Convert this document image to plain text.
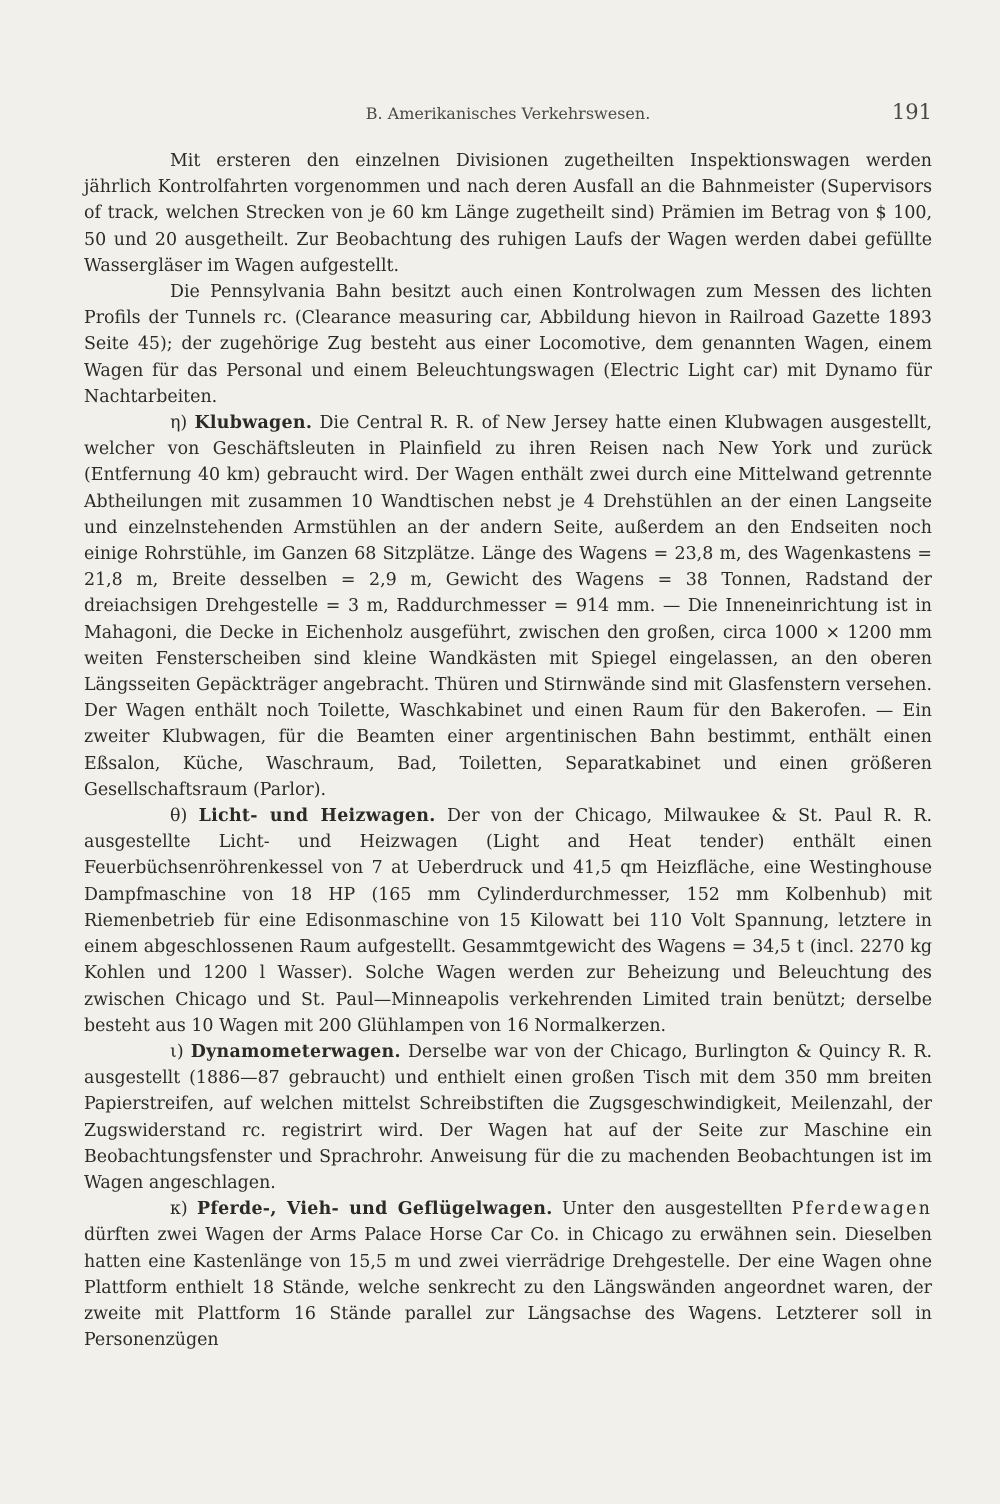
B. Amerikanisches Verkehrswesen.	191

Mit ersteren den einzelnen Divisionen zugetheilten Inspektionswagen werden jährlich Kontrolfahrten vorgenommen und nach deren Ausfall an die Bahnmeister (Supervisors of track, welchen Strecken von je 60 km Länge zugetheilt sind) Prämien im Betrag von $ 100, 50 und 20 ausgetheilt. Zur Beobachtung des ruhigen Laufs der Wagen werden dabei gefüllte Wassergläser im Wagen aufgestellt.

Die Pennsylvania Bahn besitzt auch einen Kontrolwagen zum Messen des lichten Profils der Tunnels rc. (Clearance measuring car, Abbildung hievon in Railroad Gazette 1893 Seite 45); der zugehörige Zug besteht aus einer Locomotive, dem genannten Wagen, einem Wagen für das Personal und einem Beleuchtungswagen (Electric Light car) mit Dynamo für Nachtarbeiten.

η) Klubwagen. Die Central R. R. of New Jersey hatte einen Klubwagen ausgestellt, welcher von Geschäftsleuten in Plainfield zu ihren Reisen nach New York und zurück (Entfernung 40 km) gebraucht wird. Der Wagen enthält zwei durch eine Mittelwand getrennte Abtheilungen mit zusammen 10 Wandtischen nebst je 4 Drehstühlen an der einen Langseite und einzelnstehenden Armstühlen an der andern Seite, außerdem an den Endseiten noch einige Rohrstühle, im Ganzen 68 Sitzplätze. Länge des Wagens = 23,8 m, des Wagenkastens = 21,8 m, Breite desselben = 2,9 m, Gewicht des Wagens = 38 Tonnen, Radstand der dreiachsigen Drehgestelle = 3 m, Raddurchmesser = 914 mm. — Die Inneneinrichtung ist in Mahagoni, die Decke in Eichenholz ausgeführt, zwischen den großen, circa 1000 × 1200 mm weiten Fensterscheiben sind kleine Wandkästen mit Spiegel eingelassen, an den oberen Längsseiten Gepäckträger angebracht. Thüren und Stirnwände sind mit Glasfenstern versehen. Der Wagen enthält noch Toilette, Waschkabinet und einen Raum für den Bakerofen. — Ein zweiter Klubwagen, für die Beamten einer argentinischen Bahn bestimmt, enthält einen Eßsalon, Küche, Waschraum, Bad, Toiletten, Separatkabinet und einen größeren Gesellschaftsraum (Parlor).

θ) Licht- und Heizwagen. Der von der Chicago, Milwaukee & St. Paul R. R. ausgestellte Licht- und Heizwagen (Light and Heat tender) enthält einen Feuerbüchsenröhrenkessel von 7 at Ueberdruck und 41,5 qm Heizfläche, eine Westinghouse Dampfmaschine von 18 HP (165 mm Cylinderdurchmesser, 152 mm Kolbenhub) mit Riemenbetrieb für eine Edisonmaschine von 15 Kilowatt bei 110 Volt Spannung, letztere in einem abgeschlossenen Raum aufgestellt. Gesammtgewicht des Wagens = 34,5 t (incl. 2270 kg Kohlen und 1200 l Wasser). Solche Wagen werden zur Beheizung und Beleuchtung des zwischen Chicago und St. Paul—Minneapolis verkehrenden Limited train benützt; derselbe besteht aus 10 Wagen mit 200 Glühlampen von 16 Normalkerzen.

ι) Dynamometerwagen. Derselbe war von der Chicago, Burlington & Quincy R. R. ausgestellt (1886—87 gebraucht) und enthielt einen großen Tisch mit dem 350 mm breiten Papierstreifen, auf welchen mittelst Schreibstiften die Zugsgeschwindigkeit, Meilenzahl, der Zugswiderstand rc. registrirt wird. Der Wagen hat auf der Seite zur Maschine ein Beobachtungsfenster und Sprachrohr. Anweisung für die zu machenden Beobachtungen ist im Wagen angeschlagen.

κ) Pferde-, Vieh- und Geflügelwagen. Unter den ausgestellten Pferdewagen dürften zwei Wagen der Arms Palace Horse Car Co. in Chicago zu erwähnen sein. Dieselben hatten eine Kastenlänge von 15,5 m und zwei vierrädrige Drehgestelle. Der eine Wagen ohne Plattform enthielt 18 Stände, welche senkrecht zu den Längswänden angeordnet waren, der zweite mit Plattform 16 Stände parallel zur Längsachse des Wagens. Letzterer soll in Personenzügen
